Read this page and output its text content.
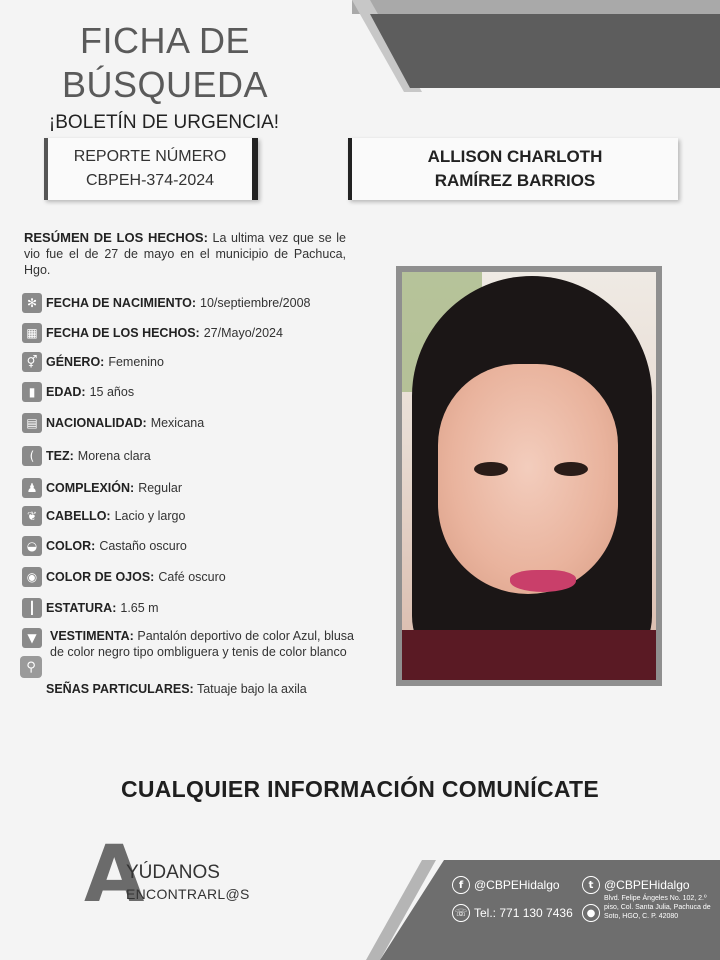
FICHA DE
BÚSQUEDA
¡BOLETÍN DE URGENCIA!
REPORTE NÚMERO
CBPEH-374-2024
ALLISON CHARLOTH
RAMÍREZ BARRIOS
RESÚMEN DE LOS HECHOS: La ultima vez que se le vio fue el de 27 de mayo en el municipio de Pachuca, Hgo.
✻ FECHA DE NACIMIENTO: 10/septiembre/2008
▦ FECHA DE LOS HECHOS: 27/Mayo/2024
⚥ GÉNERO: Femenino
▮ EDAD: 15 años
▤ NACIONALIDAD: Mexicana
( TEZ: Morena clara
♟ COMPLEXIÓN: Regular
❦ CABELLO: Lacio y largo
◒ COLOR: Castaño oscuro
◉ COLOR DE OJOS: Café oscuro
┃ ESTATURA: 1.65 m
▼	VESTIMENTA: Pantalón deportivo de color Azul, blusa de color negro tipo ombliguera y tenis de color blanco
⚲
SEÑAS PARTICULARES: Tatuaje bajo la axila
CUALQUIER INFORMACIÓN COMUNÍCATE
A
YÚDANOS
ENCONTRARL@S
f @CBPEHidalgo	t @CBPEHidalgo
☏ Tel.: 771 130 7436	●
Blvd. Felipe Ángeles No. 102, 2.º piso, Col. Santa Julia, Pachuca de Soto, HGO, C. P. 42080
